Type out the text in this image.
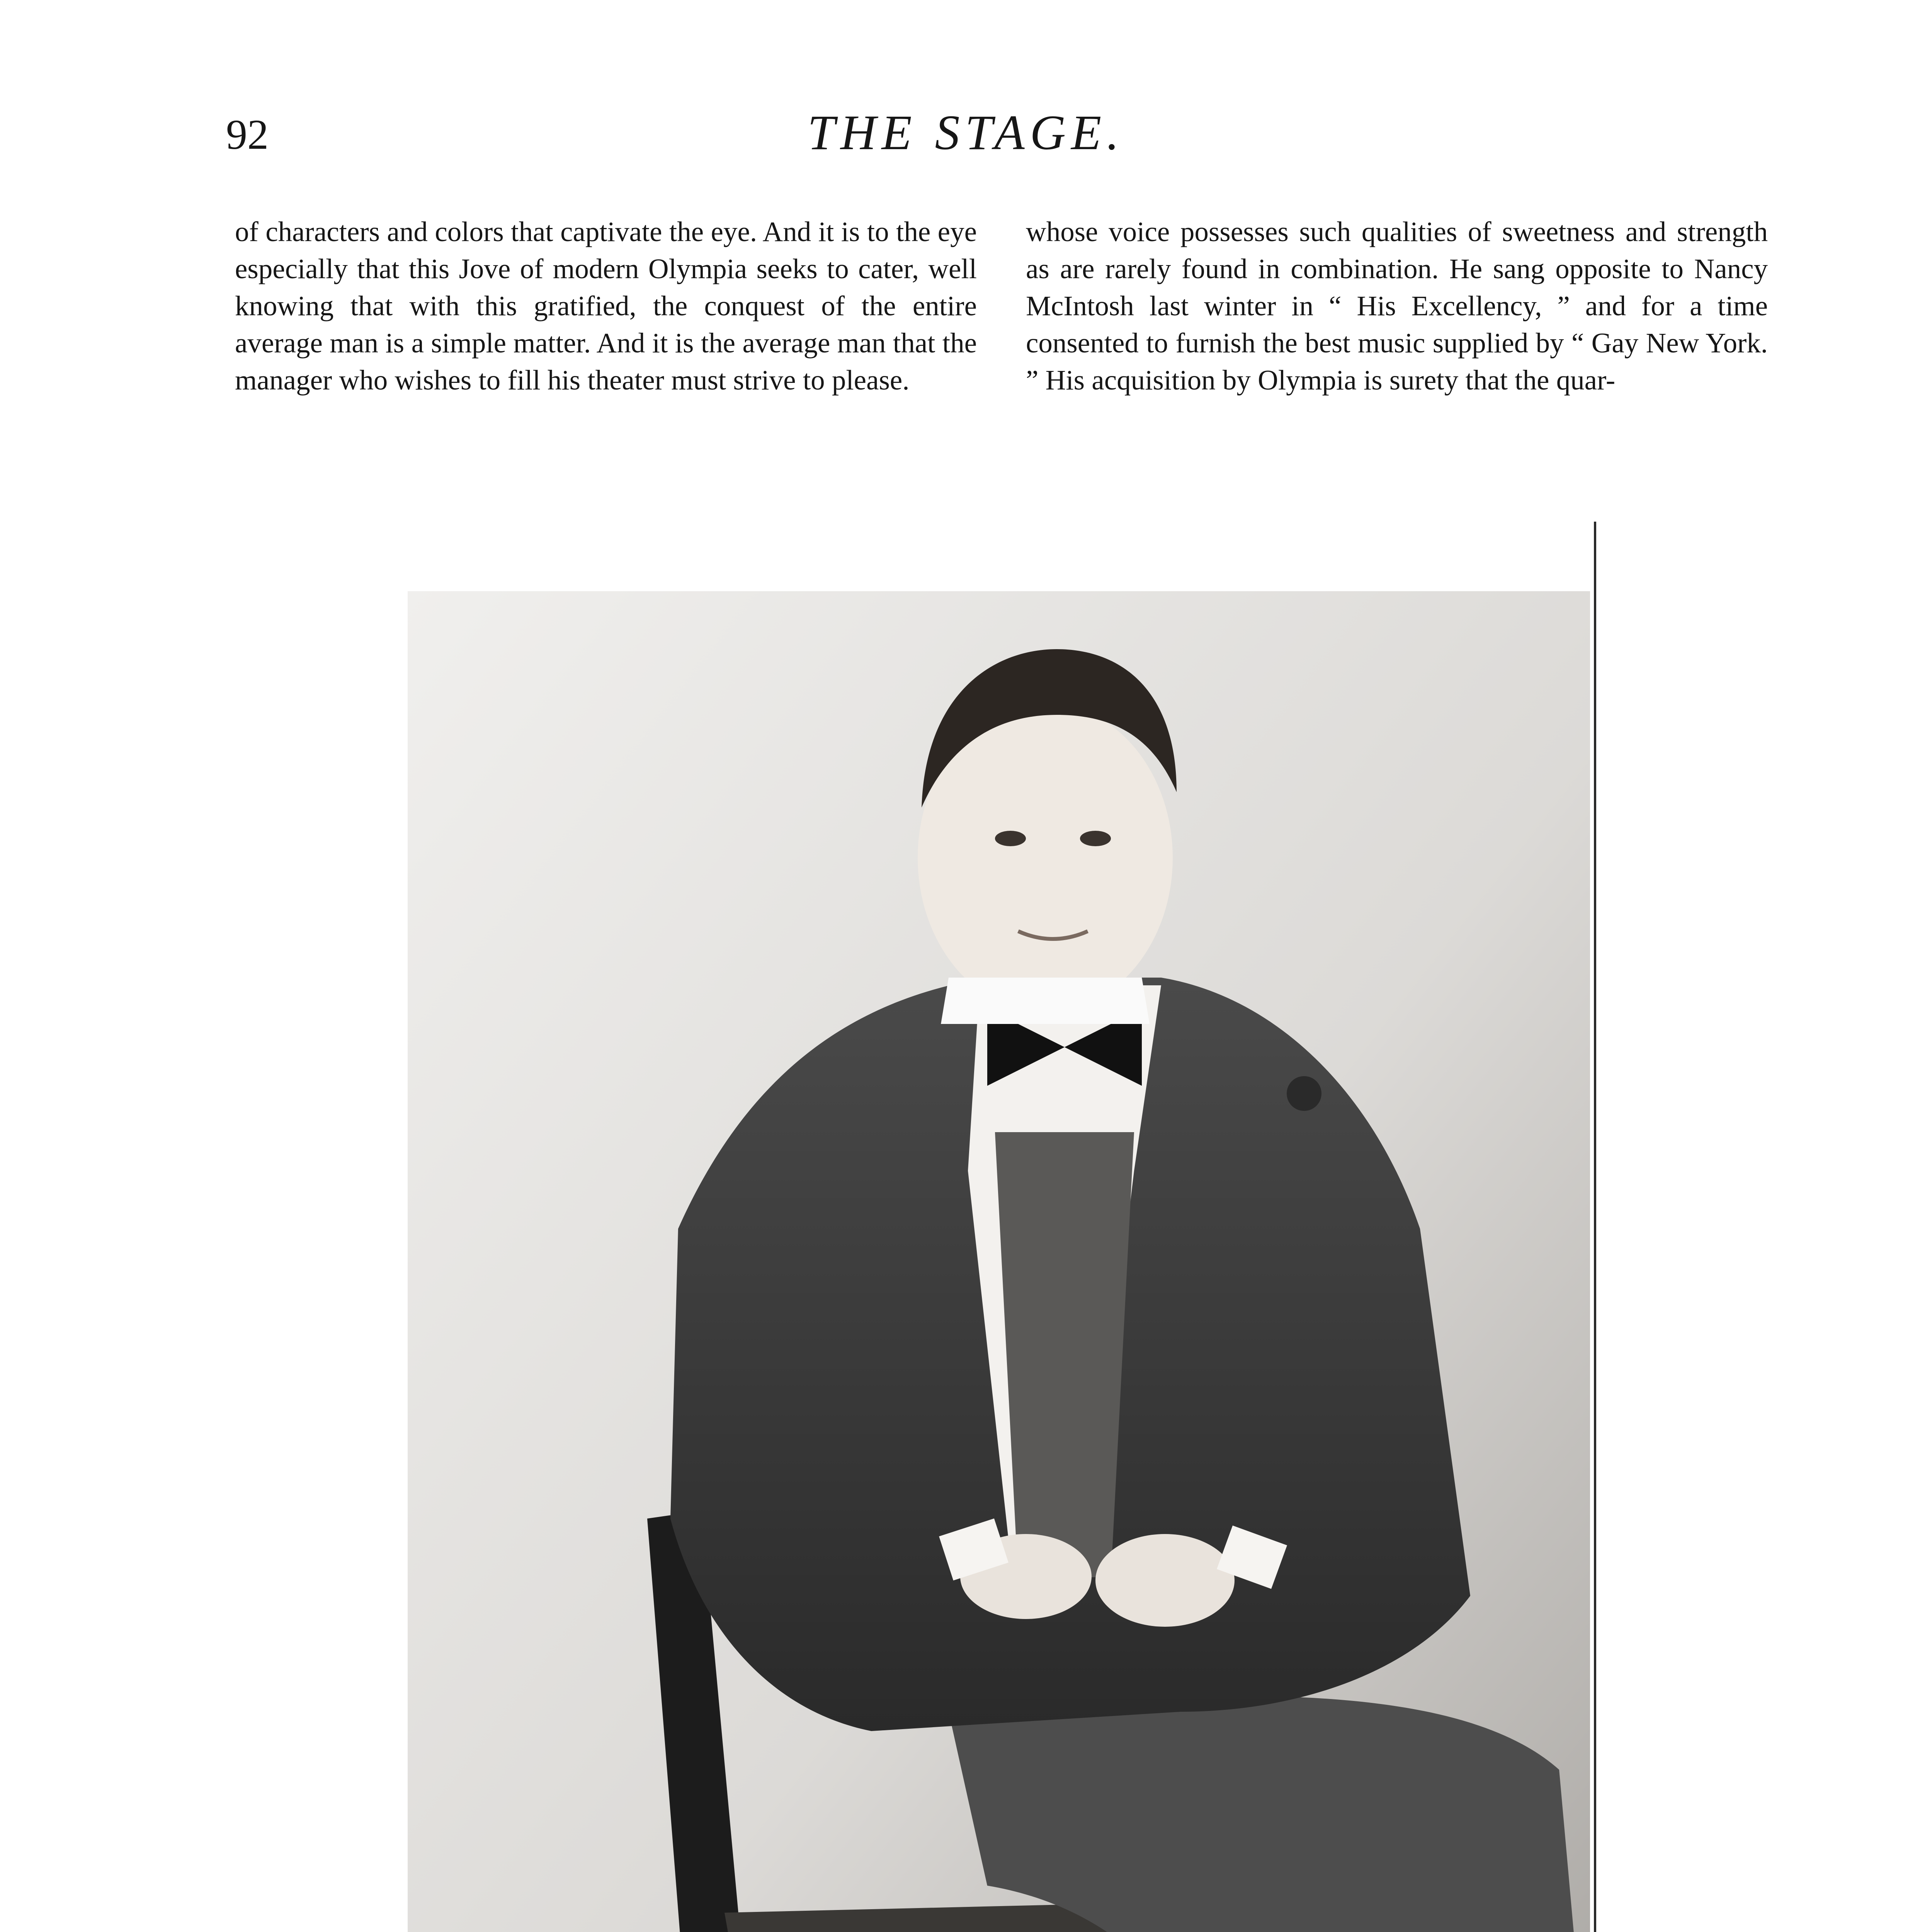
92	THE STAGE.

of characters and colors that captivate the eye. And it is to the eye especially that this Jove of modern Olympia seeks to cater, well knowing that with this gratified, the conquest of the entire average man is a simple matter. And it is the average man that the manager who wishes to fill his theater must strive to please.

whose voice possesses such qualities of sweetness and strength as are rarely found in combination. He sang opposite to Nancy McIntosh last winter in “ His Excellency, ” and for a time consented to furnish the best music supplied by “ Gay New York. ” His acquisition by Olympia is surety that the quar-
